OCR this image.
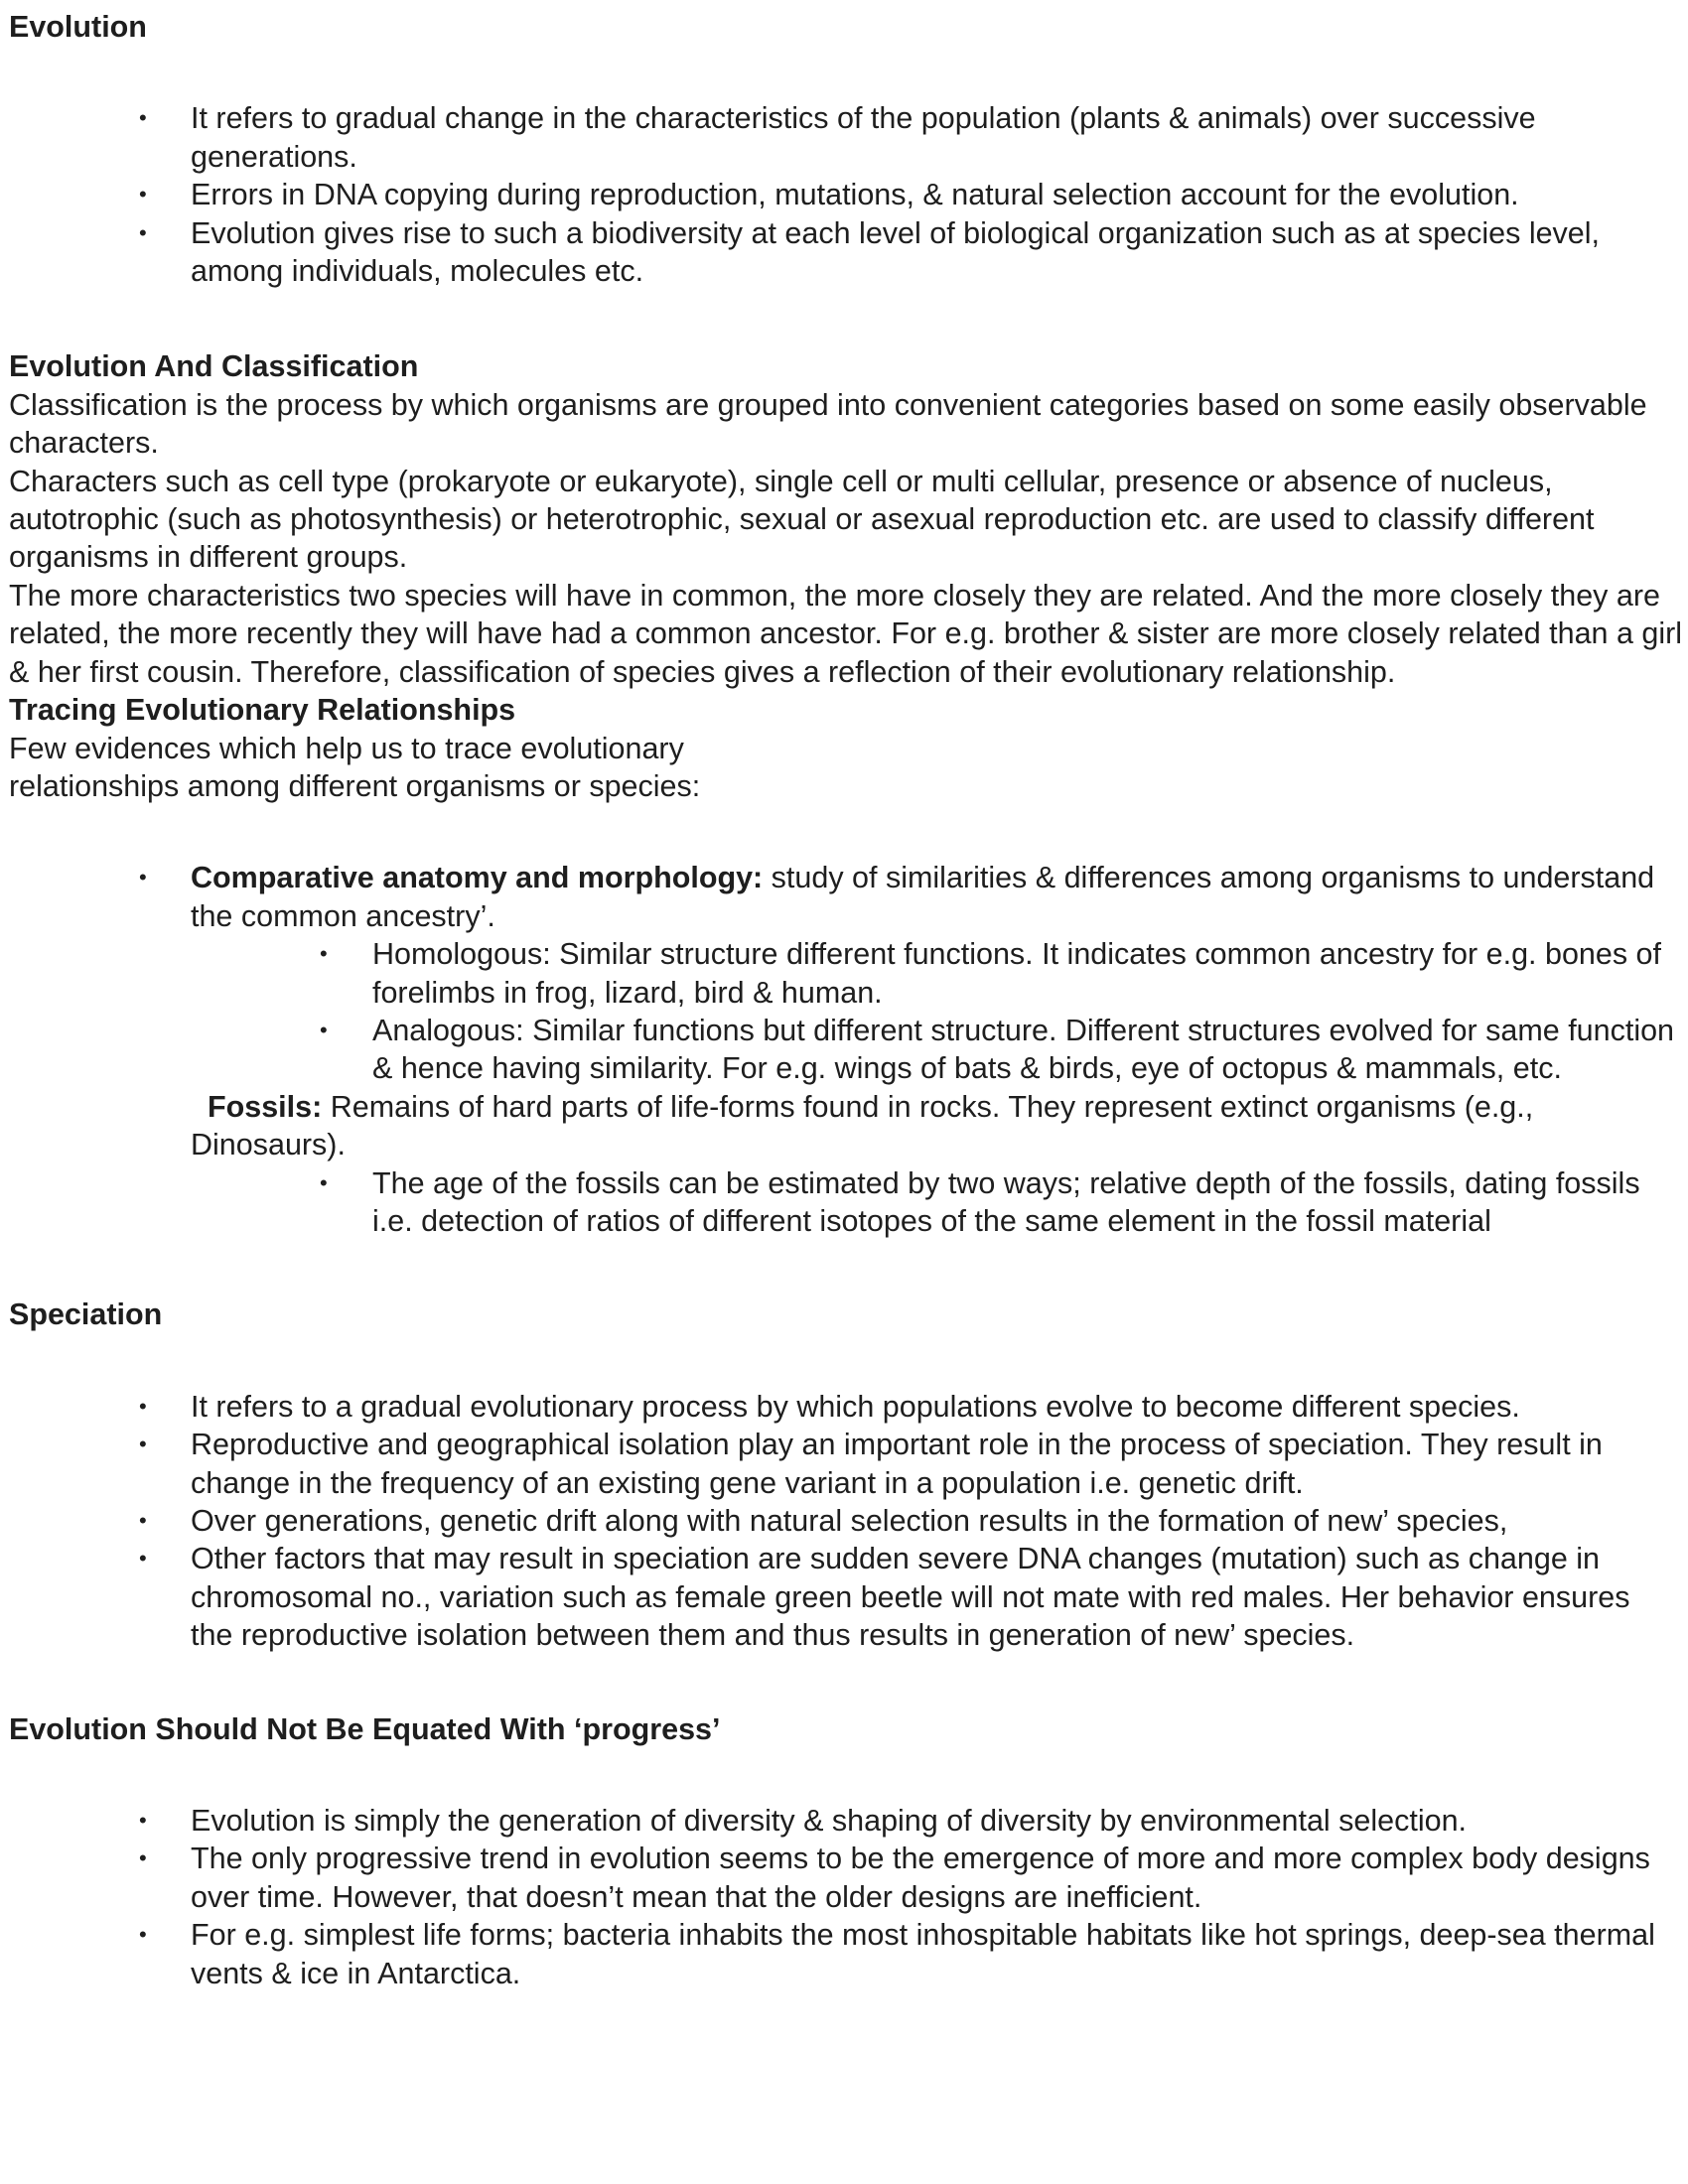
Evolution

• It refers to gradual change in the characteristics of the population (plants & animals) over successive generations.
• Errors in DNA copying during reproduction, mutations, & natural selection account for the evolution.
• Evolution gives rise to such a biodiversity at each level of biological organization such as at species level, among individuals, molecules etc.

Evolution And Classification

Classification is the process by which organisms are grouped into convenient categories based on some easily observable characters.

Characters such as cell type (prokaryote or eukaryote), single cell or multi cellular, presence or absence of nucleus, autotrophic (such as photosynthesis) or heterotrophic, sexual or asexual reproduction etc. are used to classify different organisms in different groups.

The more characteristics two species will have in common, the more closely they are related. And the more closely they are related, the more recently they will have had a common ancestor. For e.g. brother & sister are more closely related than a girl & her first cousin. Therefore, classification of species gives a reflection of their evolutionary relationship.

Tracing Evolutionary Relationships

Few evidences which help us to trace evolutionary

relationships among different organisms or species:

• Comparative anatomy and morphology: study of similarities & differences among organisms to understand the common ancestry’.
• Homologous: Similar structure different functions. It indicates common ancestry for e.g. bones of forelimbs in frog, lizard, bird & human.
• Analogous: Similar functions but different structure. Different structures evolved for same function & hence having similarity. For e.g. wings of bats & birds, eye of octopus & mammals, etc.
Fossils: Remains of hard parts of life-forms found in rocks. They represent extinct organisms (e.g., Dinosaurs).
• The age of the fossils can be estimated by two ways; relative depth of the fossils, dating fossils i.e. detection of ratios of different isotopes of the same element in the fossil material

Speciation

• It refers to a gradual evolutionary process by which populations evolve to become different species.
• Reproductive and geographical isolation play an important role in the process of speciation. They result in change in the frequency of an existing gene variant in a population i.e. genetic drift.
• Over generations, genetic drift along with natural selection results in the formation of new’ species,
• Other factors that may result in speciation are sudden severe DNA changes (mutation) such as change in chromosomal no., variation such as female green beetle will not mate with red males. Her behavior ensures the reproductive isolation between them and thus results in generation of new’ species.

Evolution Should Not Be Equated With ‘progress’

• Evolution is simply the generation of diversity & shaping of diversity by environmental selection.
• The only progressive trend in evolution seems to be the emergence of more and more complex body designs over time. However, that doesn’t mean that the older designs are inefficient.
• For e.g. simplest life forms; bacteria inhabits the most inhospitable habitats like hot springs, deep-sea thermal vents & ice in Antarctica.
